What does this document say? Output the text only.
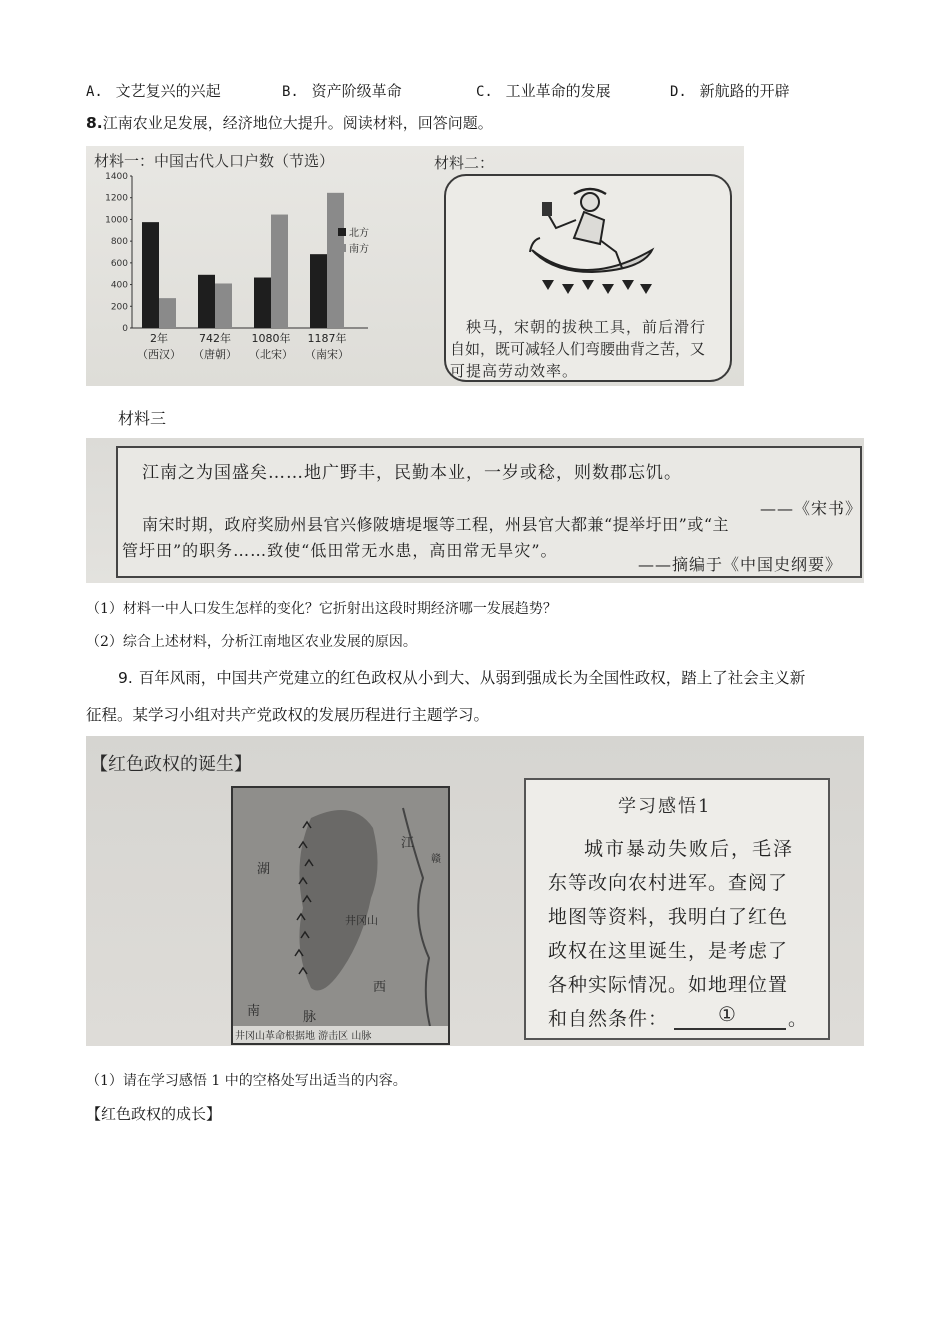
A. 文艺复兴的兴起	B. 资产阶级革命	C. 工业革命的发展	D. 新航路的开辟
8.江南农业足发展，经济地位大提升。阅读材料，回答问题。
材料一：中国古代人口户数（节选）
0
200
400
600
800
1000
1200
1400
2年
（西汉）
742年
（唐朝）
1080年
（北宋）
1187年
（南宋）
北方
南方
材料二：
秧马，宋朝的拔秧工具，前后滑行
自如，既可减轻人们弯腰曲背之苦，又
可提高劳动效率。
材料三
江南之为国盛矣……地广野丰，民勤本业，一岁或稔，则数郡忘饥。
——《宋书》
南宋时期，政府奖励州县官兴修陂塘堤堰等工程，州县官大都兼“提举圩田”或“主
管圩田”的职务……致使“低田常无水患，高田常无旱灾”。
——摘编于《中国史纲要》
（1）材料一中人口发生怎样的变化？它折射出这段时期经济哪一发展趋势？
（2）综合上述材料，分析江南地区农业发展的原因。
9. 百年风雨，中国共产党建立的红色政权从小到大、从弱到强成长为全国性政权，踏上了社会主义新
征程。某学习小组对共产党政权的发展历程进行主题学习。
【红色政权的诞生】
江
湖
井冈山
西
南	脉
赣
井冈山革命根据地 游击区 山脉
学习感悟1
城市暴动失败后，毛泽
东等改向农村进军。查阅了
地图等资料，我明白了红色
政权在这里诞生，是考虑了
各种实际情况。如地理位置
和自然条件： ①	。
（1）请在学习感悟 1 中的空格处写出适当的内容。
【红色政权的成长】
